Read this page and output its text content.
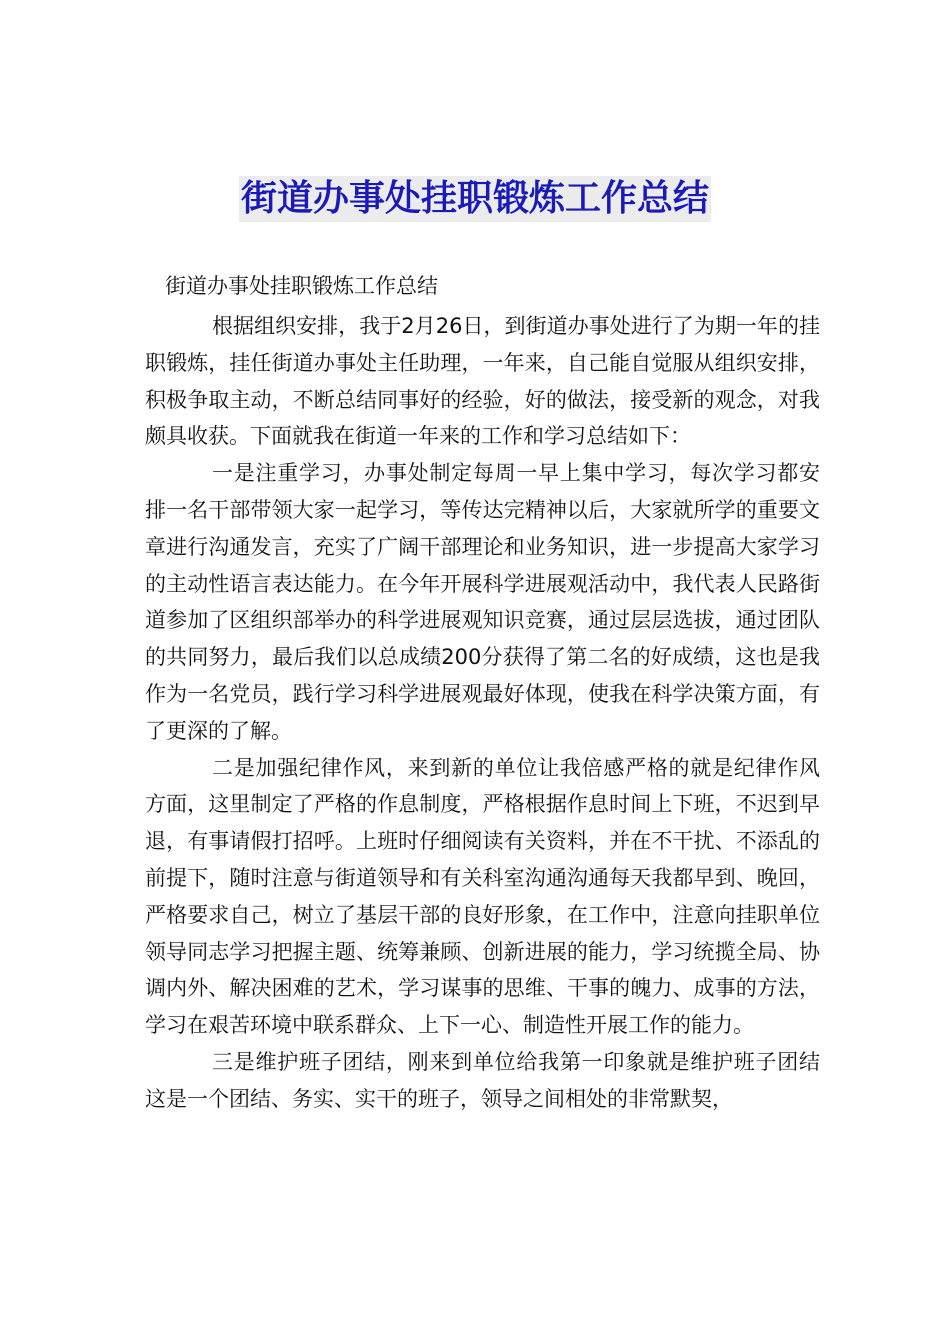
街道办事处挂职锻炼工作总结

街道办事处挂职锻炼工作总结

根据组织安排，我于2月26日，到街道办事处进行了为期一年的挂职锻炼，挂任街道办事处主任助理，一年来，自己能自觉服从组织安排，积极争取主动，不断总结同事好的经验，好的做法，接受新的观念，对我颇具收获。下面就我在街道一年来的工作和学习总结如下：

一是注重学习，办事处制定每周一早上集中学习，每次学习都安排一名干部带领大家一起学习，等传达完精神以后，大家就所学的重要文章进行沟通发言，充实了广阔干部理论和业务知识，进一步提高大家学习的主动性语言表达能力。在今年开展科学进展观活动中，我代表人民路街道参加了区组织部举办的科学进展观知识竞赛，通过层层选拔，通过团队的共同努力，最后我们以总成绩200分获得了第二名的好成绩，这也是我作为一名党员，践行学习科学进展观最好体现，使我在科学决策方面，有了更深的了解。

二是加强纪律作风，来到新的单位让我倍感严格的就是纪律作风方面，这里制定了严格的作息制度，严格根据作息时间上下班，不迟到早退，有事请假打招呼。上班时仔细阅读有关资料，并在不干扰、不添乱的前提下，随时注意与街道领导和有关科室沟通沟通每天我都早到、晚回，严格要求自己，树立了基层干部的良好形象，在工作中，注意向挂职单位领导同志学习把握主题、统筹兼顾、创新进展的能力，学习统揽全局、协调内外、解决困难的艺术，学习谋事的思维、干事的魄力、成事的方法，学习在艰苦环境中联系群众、上下一心、制造性开展工作的能力。

三是维护班子团结，刚来到单位给我第一印象就是维护班子团结这是一个团结、务实、实干的班子，领导之间相处的非常默契，
